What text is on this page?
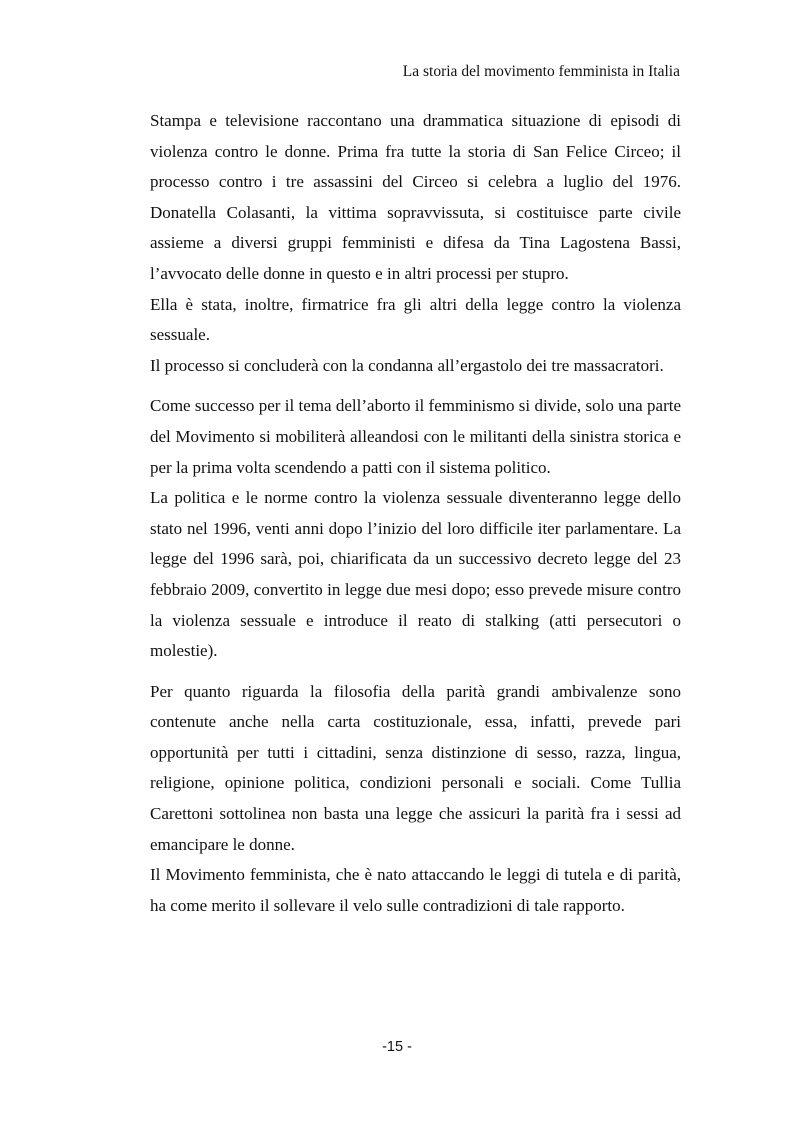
La storia del movimento femminista in Italia

Stampa e televisione raccontano una drammatica situazione di episodi di violenza contro le donne. Prima fra tutte la storia di San Felice Circeo; il processo contro i tre assassini del Circeo si celebra a luglio del 1976. Donatella Colasanti, la vittima sopravvissuta, si costituisce parte civile assieme a diversi gruppi femministi e difesa da Tina Lagostena Bassi, l’avvocato delle donne in questo e in altri processi per stupro.

Ella è stata, inoltre, firmatrice fra gli altri della legge contro la violenza sessuale.

Il processo si concluderà con la condanna all’ergastolo dei tre massacratori.

Come successo per il tema dell’aborto il femminismo si divide, solo una parte del Movimento si mobiliterà alleandosi con le militanti della sinistra storica e per la prima volta scendendo a patti con il sistema politico.

La politica e le norme contro la violenza sessuale diventeranno legge dello stato nel 1996, venti anni dopo l’inizio del loro difficile iter parlamentare. La legge del 1996 sarà, poi, chiarificata da un successivo decreto legge del 23 febbraio 2009, convertito in legge due mesi dopo; esso prevede misure contro la violenza sessuale e introduce il reato di stalking (atti persecutori o molestie).

Per quanto riguarda la filosofia della parità grandi ambivalenze sono contenute anche nella carta costituzionale, essa, infatti, prevede pari opportunità per tutti i cittadini, senza distinzione di sesso, razza, lingua, religione, opinione politica, condizioni personali e sociali. Come Tullia Carettoni sottolinea non basta una legge che assicuri la parità fra i sessi ad emancipare le donne.

Il Movimento femminista, che è nato attaccando le leggi di tutela e di parità, ha come merito il sollevare il velo sulle contradizioni di tale rapporto.

-15 -
